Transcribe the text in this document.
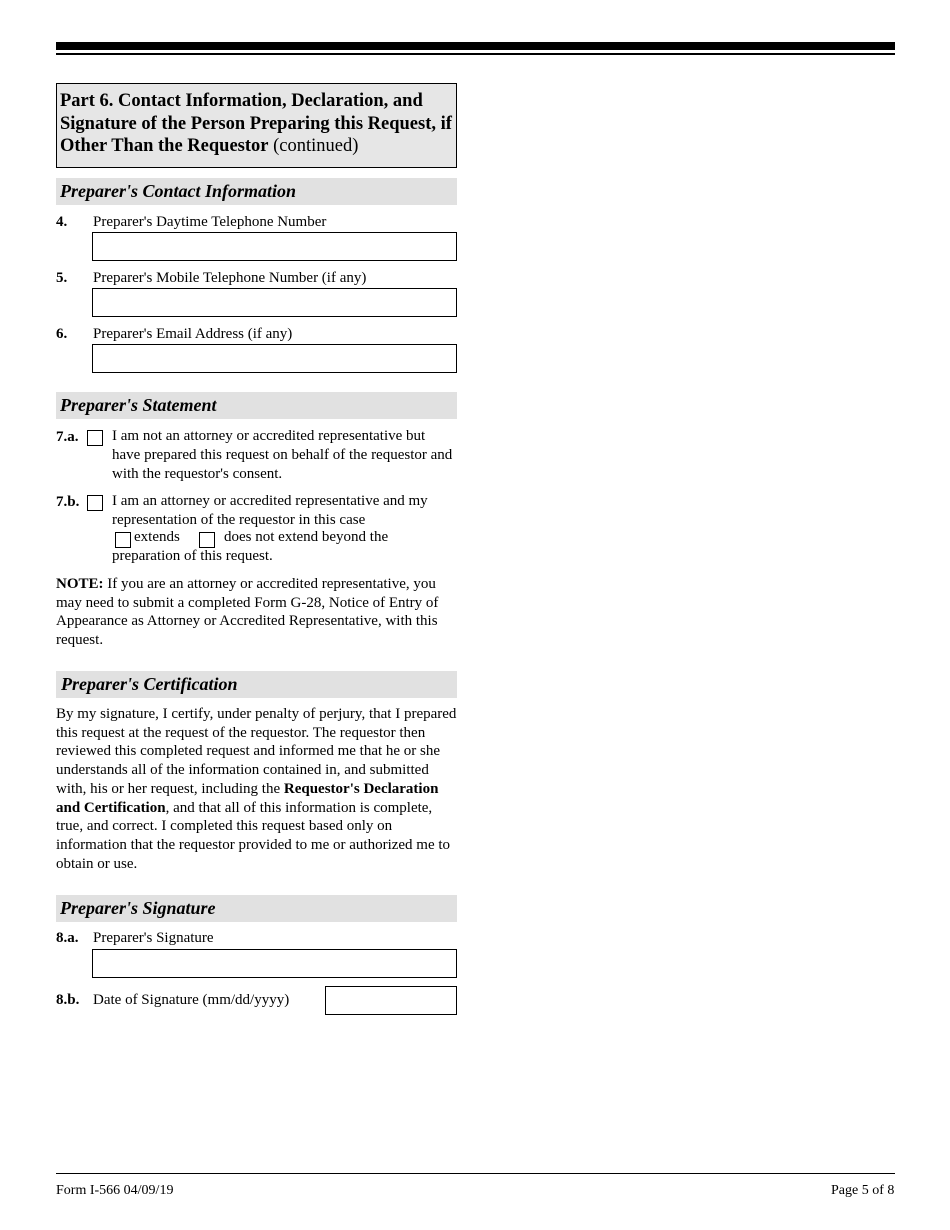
Part 6. Contact Information, Declaration, and Signature of the Person Preparing this Request, if Other Than the Requestor (continued)
Preparer's Contact Information
4. Preparer's Daytime Telephone Number
5. Preparer's Mobile Telephone Number (if any)
6. Preparer's Email Address (if any)
Preparer's Statement
7.a. I am not an attorney or accredited representative but have prepared this request on behalf of the requestor and with the requestor's consent.
7.b. I am an attorney or accredited representative and my representation of the requestor in this case
extends	does not extend beyond the
preparation of this request.
NOTE: If you are an attorney or accredited representative, you may need to submit a completed Form G-28, Notice of Entry of Appearance as Attorney or Accredited Representative, with this request.
Preparer's Certification
By my signature, I certify, under penalty of perjury, that I prepared this request at the request of the requestor. The requestor then reviewed this completed request and informed me that he or she understands all of the information contained in, and submitted with, his or her request, including the Requestor's Declaration and Certification, and that all of this information is complete, true, and correct. I completed this request based only on information that the requestor provided to me or authorized me to obtain or use.
Preparer's Signature
8.a. Preparer's Signature
8.b. Date of Signature (mm/dd/yyyy)
Form I-566 04/09/19	Page 5 of 8
